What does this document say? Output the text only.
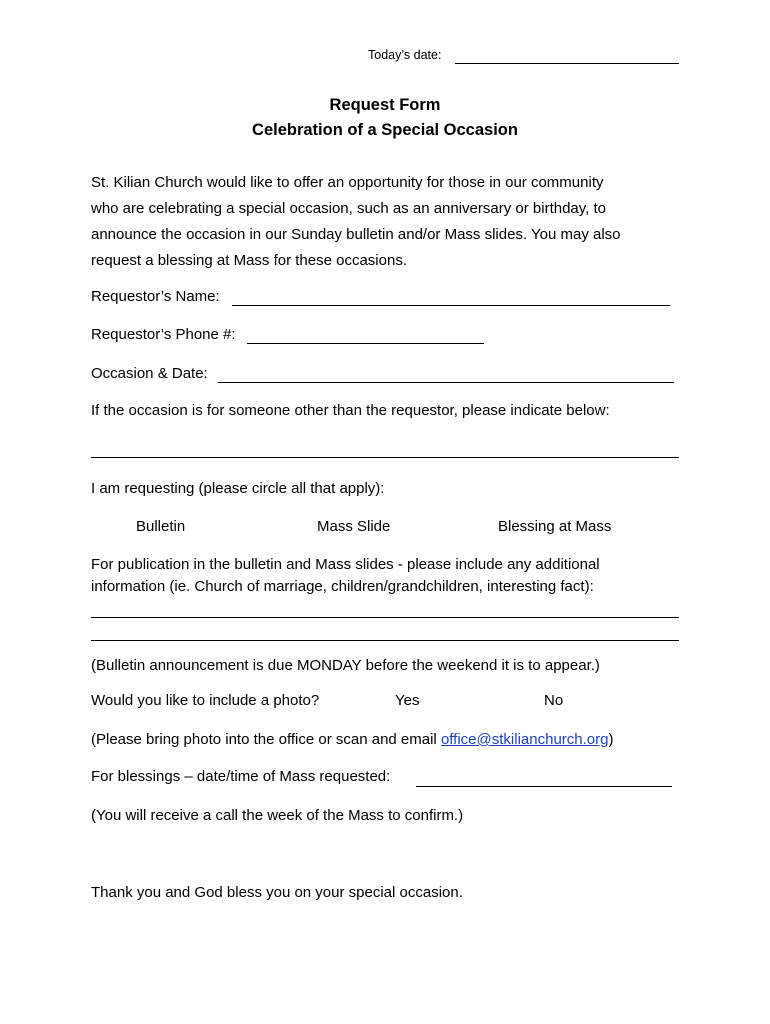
Today’s date:
Request Form
Celebration of a Special Occasion

St. Kilian Church would like to offer an opportunity for those in our community

who are celebrating a special occasion, such as an anniversary or birthday, to

announce the occasion in our Sunday bulletin and/or Mass slides. You may also

request a blessing at Mass for these occasions.

Requestor’s Name:
Requestor’s Phone #:
Occasion & Date:
If the occasion is for someone other than the requestor, please indicate below:
I am requesting (please circle all that apply):
Bulletin	Mass Slide	Blessing at Mass
For publication in the bulletin and Mass slides - please include any additional
information (ie. Church of marriage, children/grandchildren, interesting fact):
(Bulletin announcement is due MONDAY before the weekend it is to appear.)
Would you like to include a photo?	Yes	No
(Please bring photo into the office or scan and email office@stkilianchurch.org)
For blessings – date/time of Mass requested:
(You will receive a call the week of the Mass to confirm.)
Thank you and God bless you on your special occasion.
